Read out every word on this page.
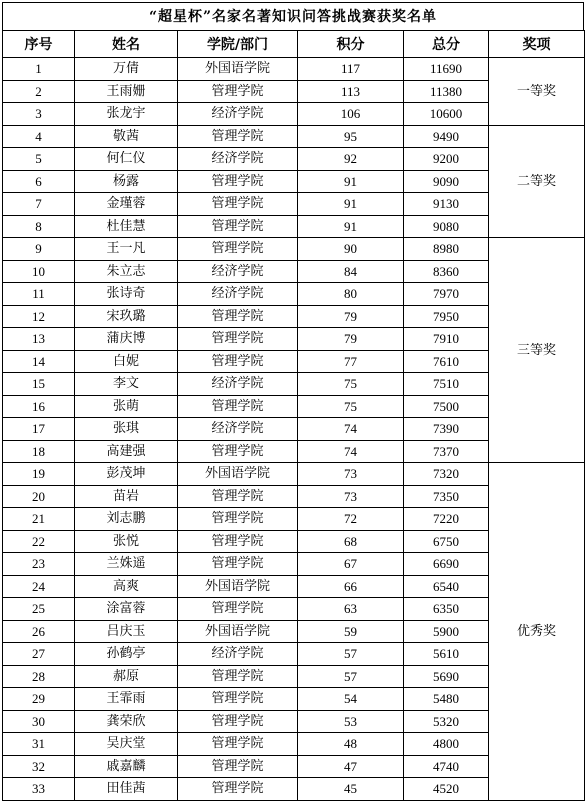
“超星杯”名家名著知识问答挑战赛获奖名单
序号	姓名	学院/部门	积分	总分	奖项
1	万倩	外国语学院	117	11690	一等奖
2	王雨姗	管理学院	113	11380	
3	张龙宇	经济学院	106	10600	
4	敬茜	管理学院	95	9490	二等奖
5	何仁仪	经济学院	92	9200	
6	杨露	管理学院	91	9090	
7	金瑾蓉	管理学院	91	9130	
8	杜佳慧	管理学院	91	9080	
9	王一凡	管理学院	90	8980	三等奖
10	朱立志	经济学院	84	8360	
11	张诗奇	经济学院	80	7970	
12	宋玖璐	管理学院	79	7950	
13	蒲庆博	管理学院	79	7910	
14	白妮	管理学院	77	7610	
15	李文	经济学院	75	7510	
16	张萌	管理学院	75	7500	
17	张琪	经济学院	74	7390	
18	高建强	管理学院	74	7370	
19	彭茂坤	外国语学院	73	7320	优秀奖
20	苗岩	管理学院	73	7350	
21	刘志鹏	管理学院	72	7220	
22	张悦	管理学院	68	6750	
23	兰姝遥	管理学院	67	6690	
24	高爽	外国语学院	66	6540	
25	涂富蓉	管理学院	63	6350	
26	吕庆玉	外国语学院	59	5900	
27	孙鹤亭	经济学院	57	5610	
28	郝原	管理学院	57	5690	
29	王霏雨	管理学院	54	5480	
30	龚荣欣	管理学院	53	5320	
31	吴庆堂	管理学院	48	4800	
32	戚嘉麟	管理学院	47	4740	
33	田佳茜	管理学院	45	4520	
